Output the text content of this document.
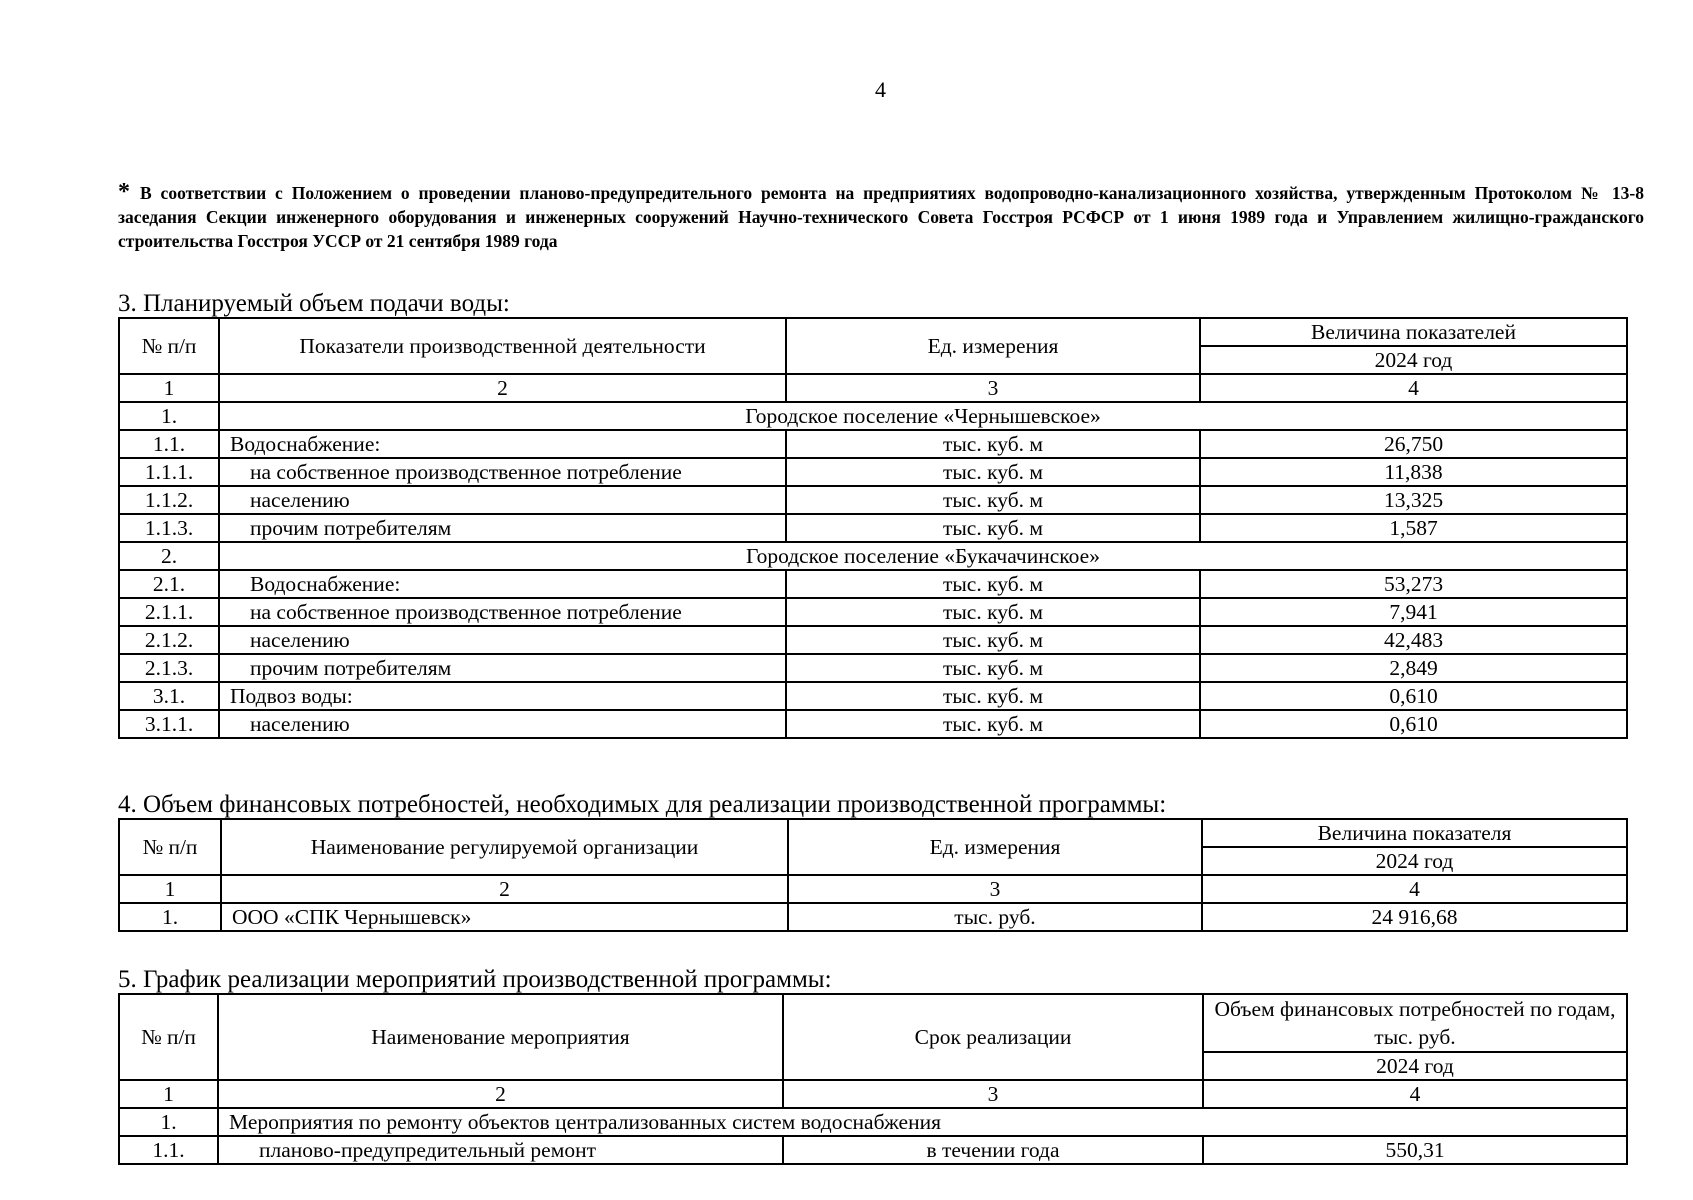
4
* В соответствии с Положением о проведении планово-предупредительного ремонта на предприятиях водопроводно-канализационного хозяйства, утвержденным Протоколом № 13-8 заседания Секции инженерного оборудования и инженерных сооружений Научно-технического Совета Госстроя РСФСР от 1 июня 1989 года и Управлением жилищно-гражданского строительства Госстроя УССР от 21 сентября 1989 года
3. Планируемый объем подачи воды:
№ п/п	Показатели производственной деятельности	Ед. измерения	Величина показателей
			2024 год
1	2	3	4
1.	Городское поселение «Чернышевское»		
1.1.	Водоснабжение:	тыс. куб. м	26,750
1.1.1.	на собственное производственное потребление	тыс. куб. м	11,838
1.1.2.	населению	тыс. куб. м	13,325
1.1.3.	прочим потребителям	тыс. куб. м	1,587
2.	Городское поселение «Букачачинское»		
2.1.	Водоснабжение:	тыс. куб. м	53,273
2.1.1.	на собственное производственное потребление	тыс. куб. м	7,941
2.1.2.	населению	тыс. куб. м	42,483
2.1.3.	прочим потребителям	тыс. куб. м	2,849
3.1.	Подвоз воды:	тыс. куб. м	0,610
3.1.1.	населению	тыс. куб. м	0,610
4. Объем финансовых потребностей, необходимых для реализации производственной программы:
№ п/п	Наименование регулируемой организации	Ед. измерения	Величина показателя
			2024 год
1	2	3	4
1.	ООО «СПК Чернышевск»	тыс. руб.	24 916,68
5. График реализации мероприятий производственной программы:
№ п/п	Наименование мероприятия	Срок реализации	Объем финансовых потребностей по годам, тыс. руб.
			2024 год
1	2	3	4
1.	Мероприятия по ремонту объектов централизованных систем водоснабжения		
1.1.	планово-предупредительный ремонт	в течении года	550,31
